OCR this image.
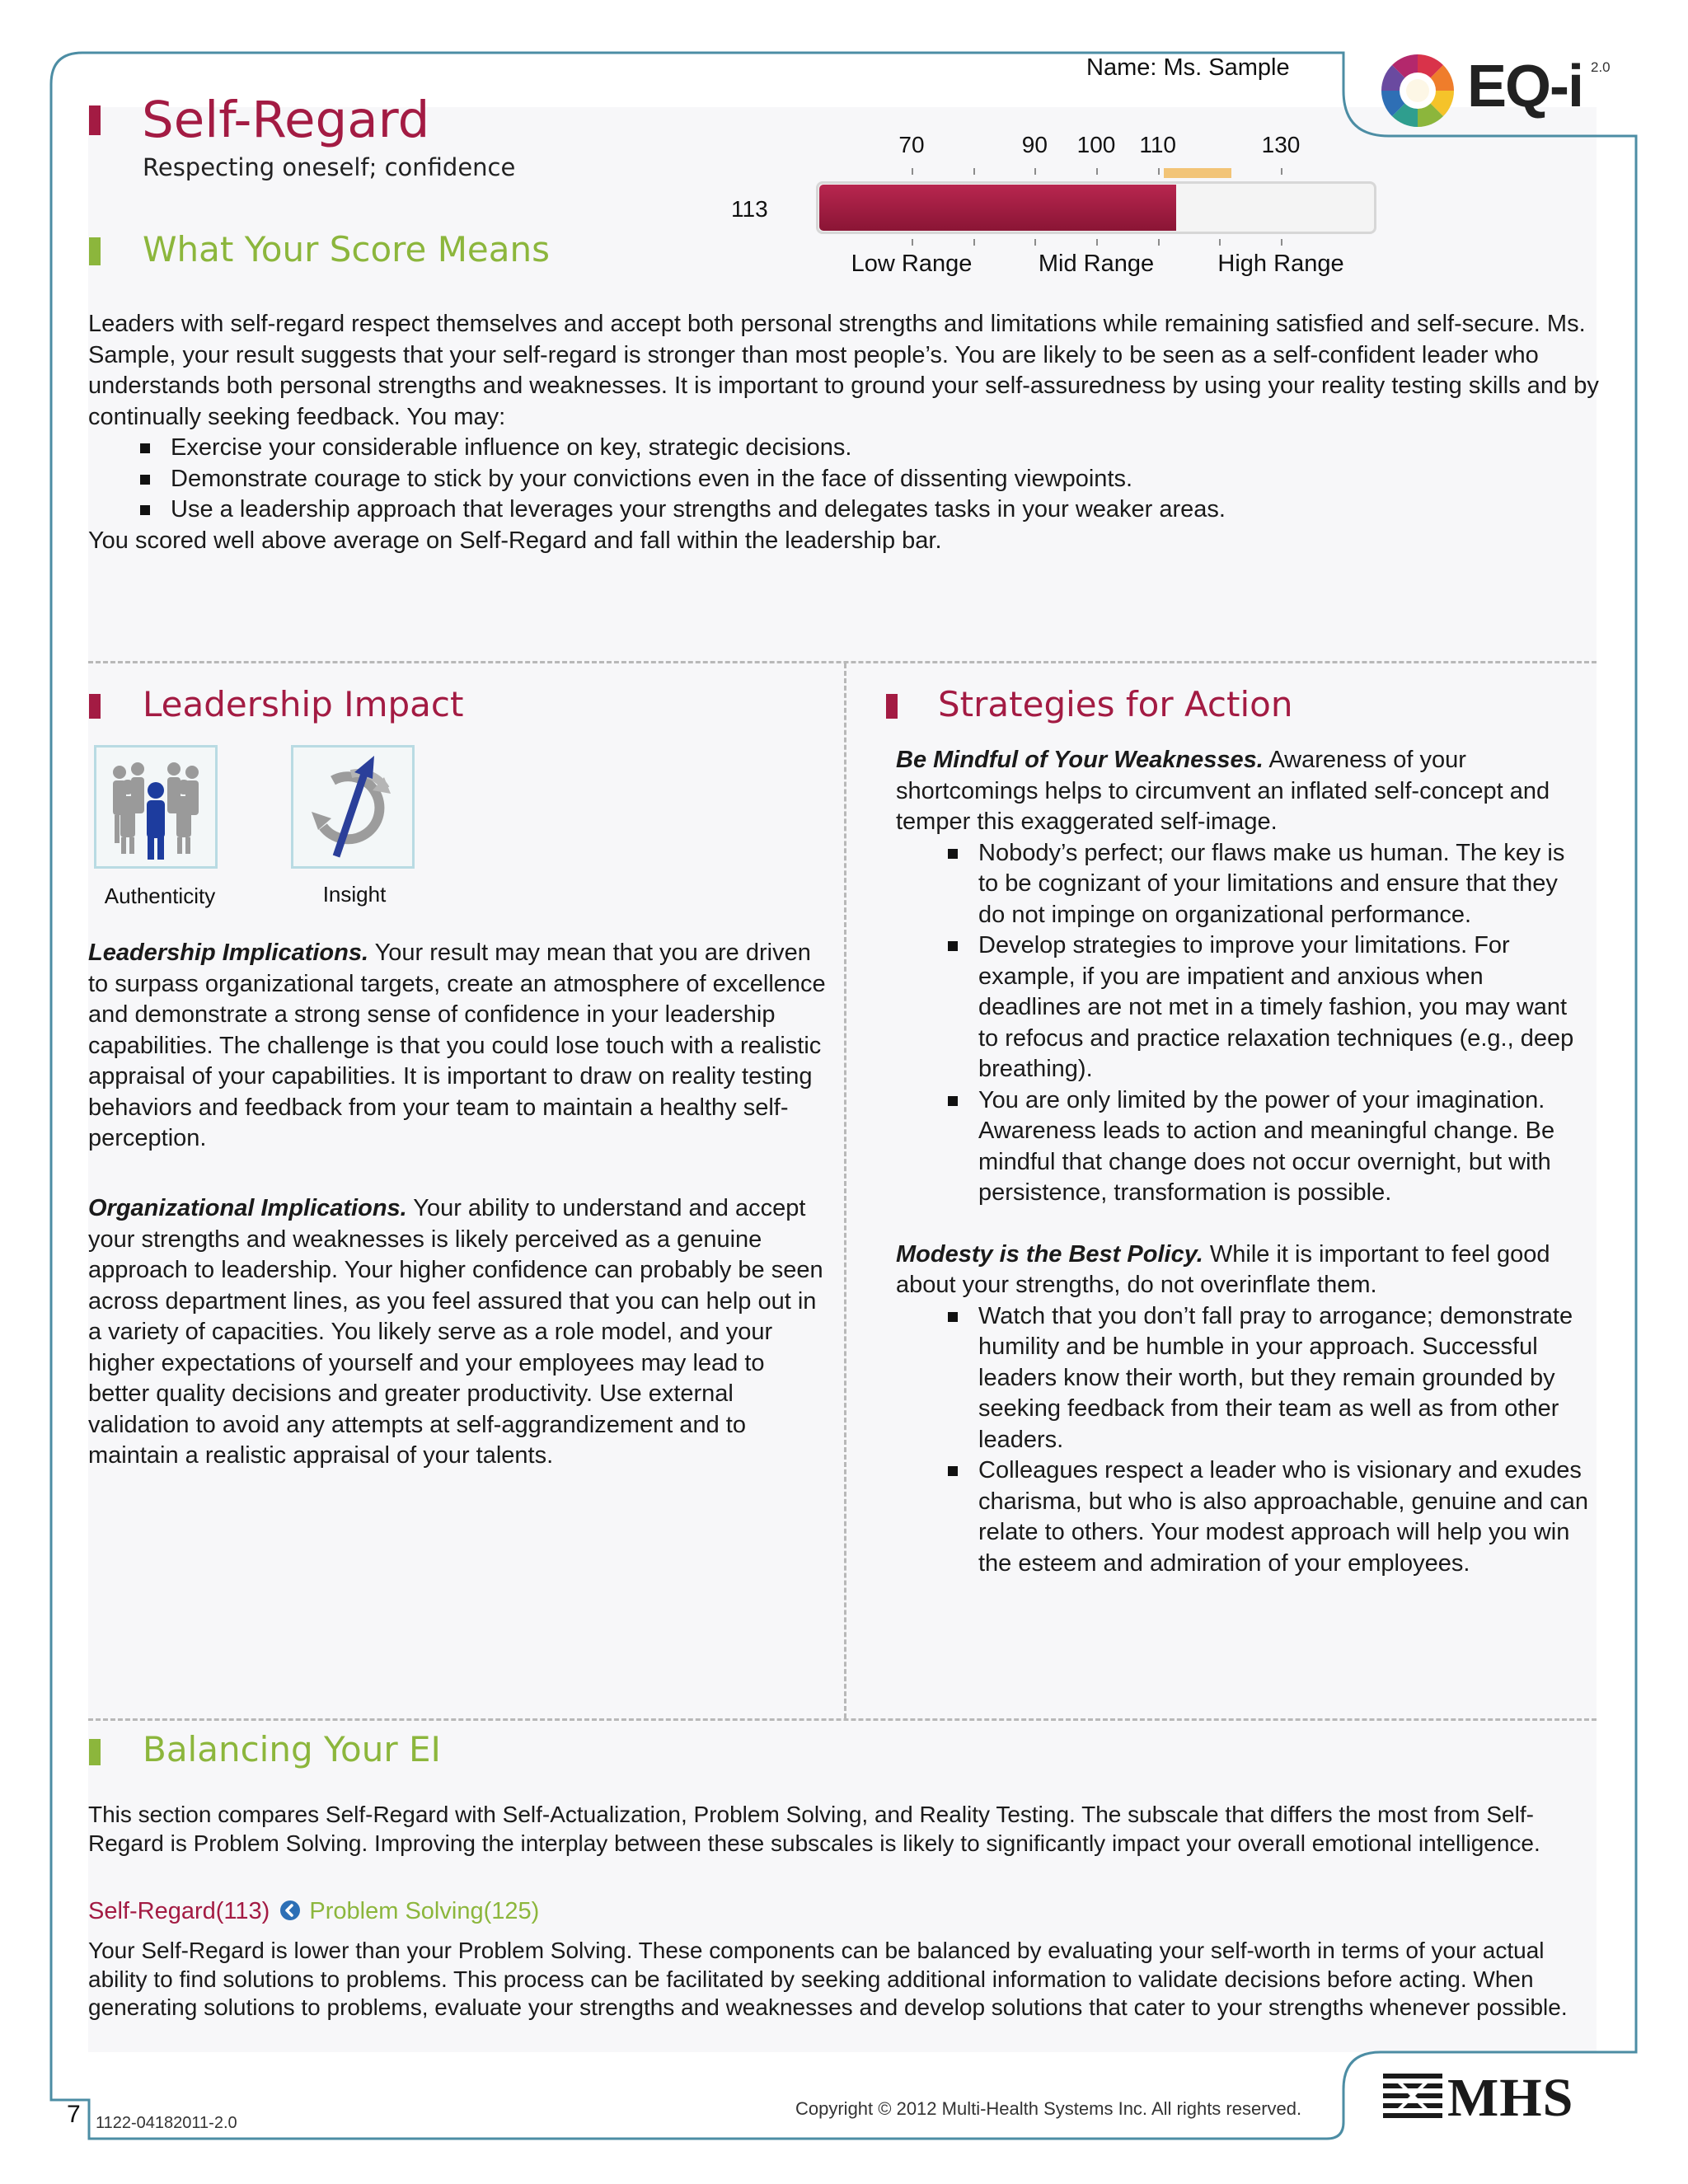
Name: Ms. Sample	EQ-i 2.0
Self-Regard
Respecting oneself; confidence
70	90 100 110	130
Low Range	Mid Range	High Range
113
What Your Score Means
Leaders with self-regard respect themselves and accept both personal strengths and limitations while remaining satisfied and self-secure. Ms. Sample, your result suggests that your self-regard is stronger than most people’s. You are likely to be seen as a self-confident leader who understands both personal strengths and weaknesses. It is important to ground your self-assuredness by using your reality testing skills and by continually seeking feedback. You may:
Exercise your considerable influence on key, strategic decisions.
Demonstrate courage to stick by your convictions even in the face of dissenting viewpoints.
Use a leadership approach that leverages your strengths and delegates tasks in your weaker areas.
You scored well above average on Self-Regard and fall within the leadership bar.
Leadership Impact
Authenticity	Insight
Leadership Implications. Your result may mean that you are driven to surpass organizational targets, create an atmosphere of excellence and demonstrate a strong sense of confidence in your leadership capabilities. The challenge is that you could lose touch with a realistic appraisal of your capabilities. It is important to draw on reality testing behaviors and feedback from your team to maintain a healthy self-perception.
Organizational Implications. Your ability to understand and accept your strengths and weaknesses is likely perceived as a genuine approach to leadership. Your higher confidence can probably be seen across department lines, as you feel assured that you can help out in a variety of capacities. You likely serve as a role model, and your higher expectations of yourself and your employees may lead to better quality decisions and greater productivity. Use external validation to avoid any attempts at self-aggrandizement and to maintain a realistic appraisal of your talents.
Strategies for Action
Be Mindful of Your Weaknesses. Awareness of your shortcomings helps to circumvent an inflated self-concept and temper this exaggerated self-image.
Nobody’s perfect; our flaws make us human. The key is to be cognizant of your limitations and ensure that they do not impinge on organizational performance.
Develop strategies to improve your limitations. For example, if you are impatient and anxious when deadlines are not met in a timely fashion, you may want to refocus and practice relaxation techniques (e.g., deep breathing).
You are only limited by the power of your imagination. Awareness leads to action and meaningful change. Be mindful that change does not occur overnight, but with persistence, transformation is possible.
Modesty is the Best Policy. While it is important to feel good about your strengths, do not overinflate them.
Watch that you don’t fall pray to arrogance; demonstrate humility and be humble in your approach. Successful leaders know their worth, but they remain grounded by seeking feedback from their team as well as from other leaders.
Colleagues respect a leader who is visionary and exudes charisma, but who is also approachable, genuine and can relate to others. Your modest approach will help you win the esteem and admiration of your employees.
Balancing Your EI
This section compares Self-Regard with Self-Actualization, Problem Solving, and Reality Testing. The subscale that differs the most from Self-Regard is Problem Solving. Improving the interplay between these subscales is likely to significantly impact your overall emotional intelligence.
Self-Regard(113) Problem Solving(125)
Your Self-Regard is lower than your Problem Solving. These components can be balanced by evaluating your self-worth in terms of your actual ability to find solutions to problems. This process can be facilitated by seeking additional information to validate decisions before acting. When generating solutions to problems, evaluate your strengths and weaknesses and develop solutions that cater to your strengths whenever possible.
7 1122-04182011-2.0
Copyright © 2012 Multi-Health Systems Inc. All rights reserved.	MHS
